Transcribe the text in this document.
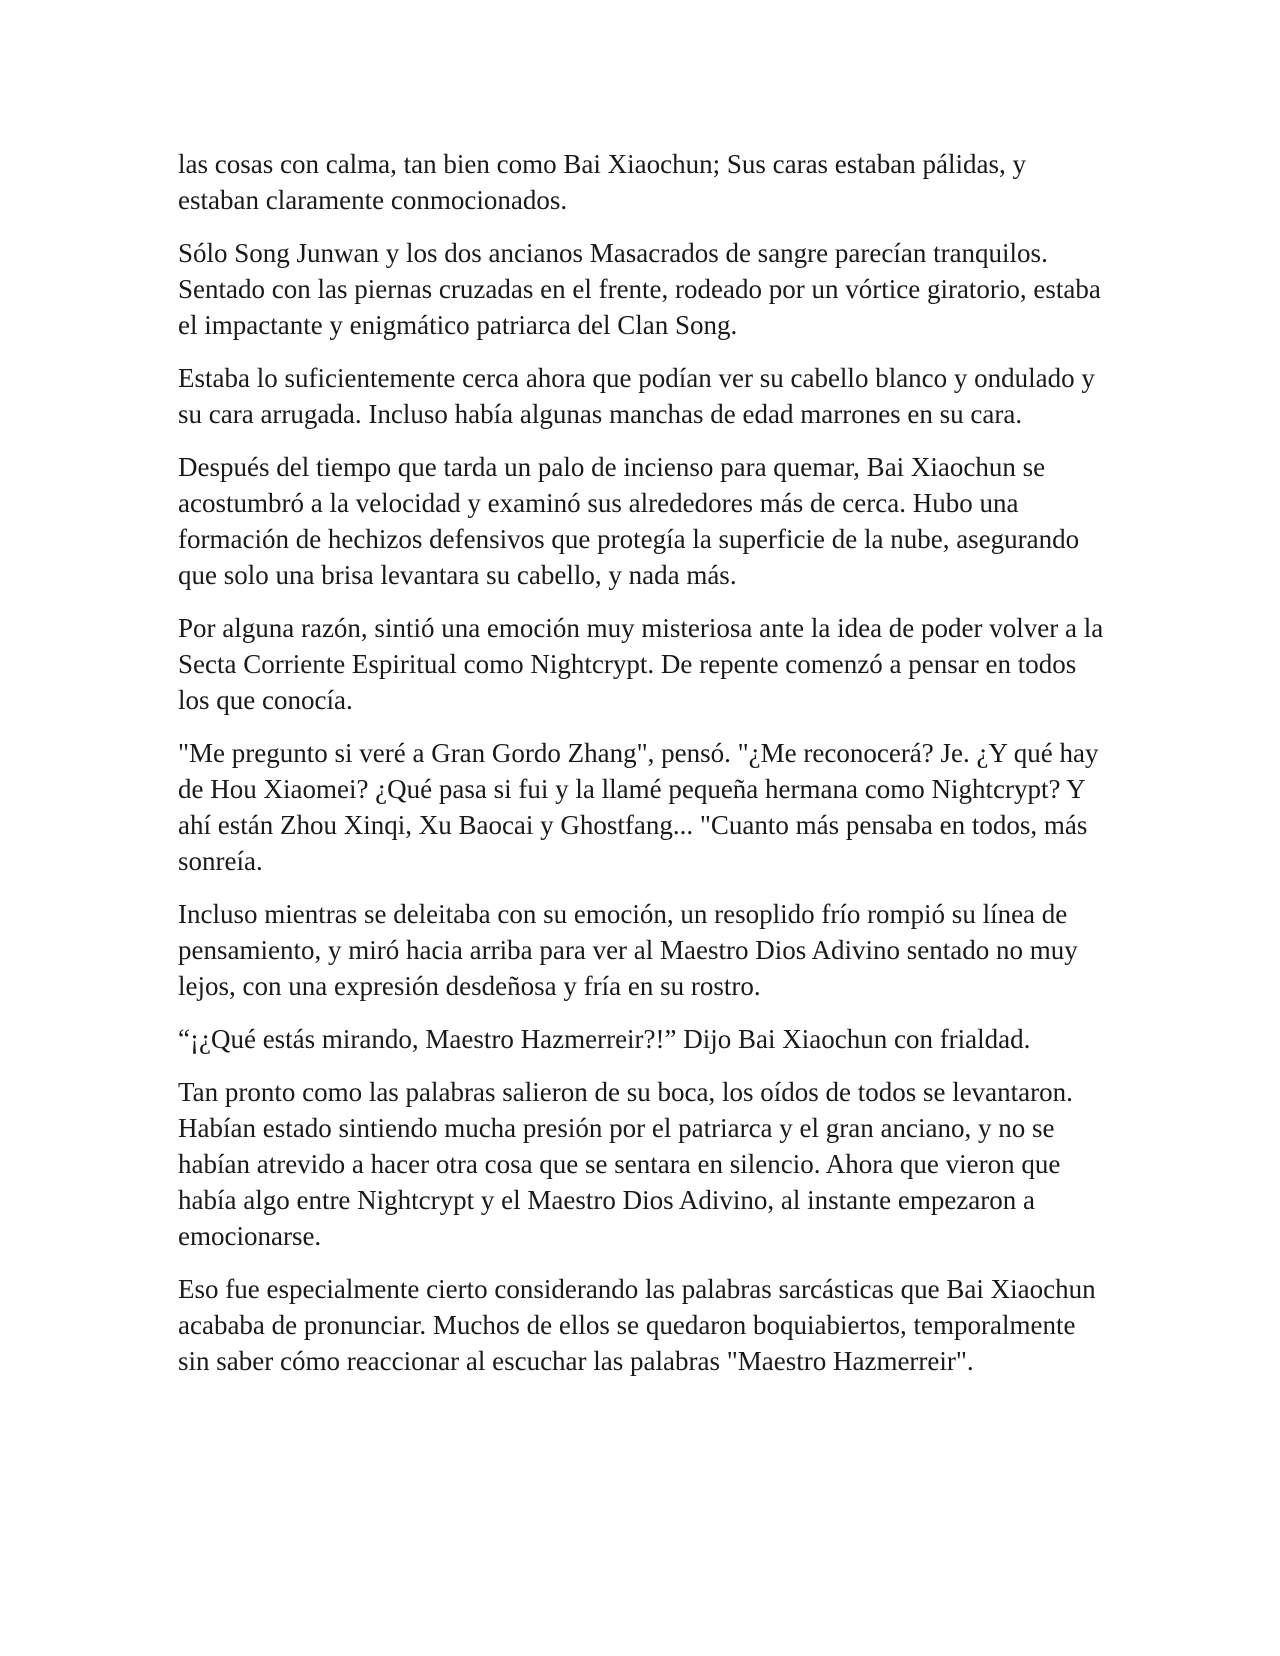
las cosas con calma, tan bien como Bai Xiaochun; Sus caras estaban pálidas, y estaban claramente conmocionados.

Sólo Song Junwan y los dos ancianos Masacrados de sangre parecían tranquilos. Sentado con las piernas cruzadas en el frente, rodeado por un vórtice giratorio, estaba el impactante y enigmático patriarca del Clan Song.

Estaba lo suficientemente cerca ahora que podían ver su cabello blanco y ondulado y su cara arrugada. Incluso había algunas manchas de edad marrones en su cara.

Después del tiempo que tarda un palo de incienso para quemar, Bai Xiaochun se acostumbró a la velocidad y examinó sus alrededores más de cerca. Hubo una formación de hechizos defensivos que protegía la superficie de la nube, asegurando que solo una brisa levantara su cabello, y nada más.

Por alguna razón, sintió una emoción muy misteriosa ante la idea de poder volver a la Secta Corriente Espiritual como Nightcrypt. De repente comenzó a pensar en todos los que conocía.

"Me pregunto si veré a Gran Gordo Zhang", pensó. "¿Me reconocerá? Je. ¿Y qué hay de Hou Xiaomei? ¿Qué pasa si fui y la llamé pequeña hermana como Nightcrypt? Y ahí están Zhou Xinqi, Xu Baocai y Ghostfang... "Cuanto más pensaba en todos, más sonreía.

Incluso mientras se deleitaba con su emoción, un resoplido frío rompió su línea de pensamiento, y miró hacia arriba para ver al Maestro Dios Adivino sentado no muy lejos, con una expresión desdeñosa y fría en su rostro.

“¡¿Qué estás mirando, Maestro Hazmerreir?!” Dijo Bai Xiaochun con frialdad.

Tan pronto como las palabras salieron de su boca, los oídos de todos se levantaron. Habían estado sintiendo mucha presión por el patriarca y el gran anciano, y no se habían atrevido a hacer otra cosa que se sentara en silencio. Ahora que vieron que había algo entre Nightcrypt y el Maestro Dios Adivino, al instante empezaron a emocionarse.

Eso fue especialmente cierto considerando las palabras sarcásticas que Bai Xiaochun acababa de pronunciar. Muchos de ellos se quedaron boquiabiertos, temporalmente sin saber cómo reaccionar al escuchar las palabras "Maestro Hazmerreir".
